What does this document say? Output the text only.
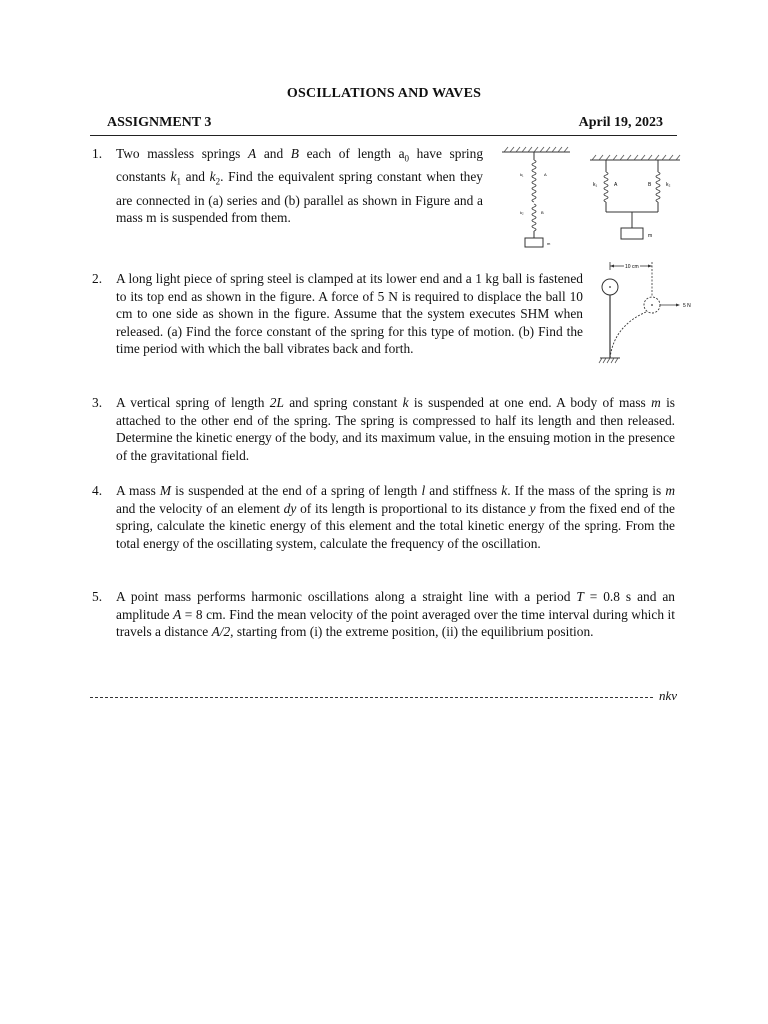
OSCILLATIONS AND WAVES
ASSIGNMENT 3	April 19, 2023
1. Two massless springs A and B each of length $a_0$ have spring constants $k_1$ and $k_2$. Find the equivalent spring constant when they are connected in (a) series and (b) parallel as shown in Figure and a mass m is suspended from them.
k₁	A
k₂	B
m
k₁	A	B	k₂
m
2. A long light piece of spring steel is clamped at its lower end and a 1 kg ball is fastened to its top end as shown in the figure. A force of 5 N is required to displace the ball 10 cm to one side as shown in the figure. Assume that the system executes SHM when released. (a) Find the force constant of the spring for this type of motion. (b) Find the time period with which the ball vibrates back and forth.
10 cm
5 N
3. A vertical spring of length 2L and spring constant k is suspended at one end. A body of mass m is attached to the other end of the spring. The spring is compressed to half its length and then released. Determine the kinetic energy of the body, and its maximum value, in the ensuing motion in the presence of the gravitational field.
4. A mass M is suspended at the end of a spring of length l and stiffness k. If the mass of the spring is m and the velocity of an element dy of its length is proportional to its distance y from the fixed end of the spring, calculate the kinetic energy of this element and the total kinetic energy of the spring. From the total energy of the oscillating system, calculate the frequency of the oscillation.
5. A point mass performs harmonic oscillations along a straight line with a period T = 0.8 s and an amplitude A = 8 cm. Find the mean velocity of the point averaged over the time interval during which it travels a distance A/2, starting from (i) the extreme position, (ii) the equilibrium position.
nkv
